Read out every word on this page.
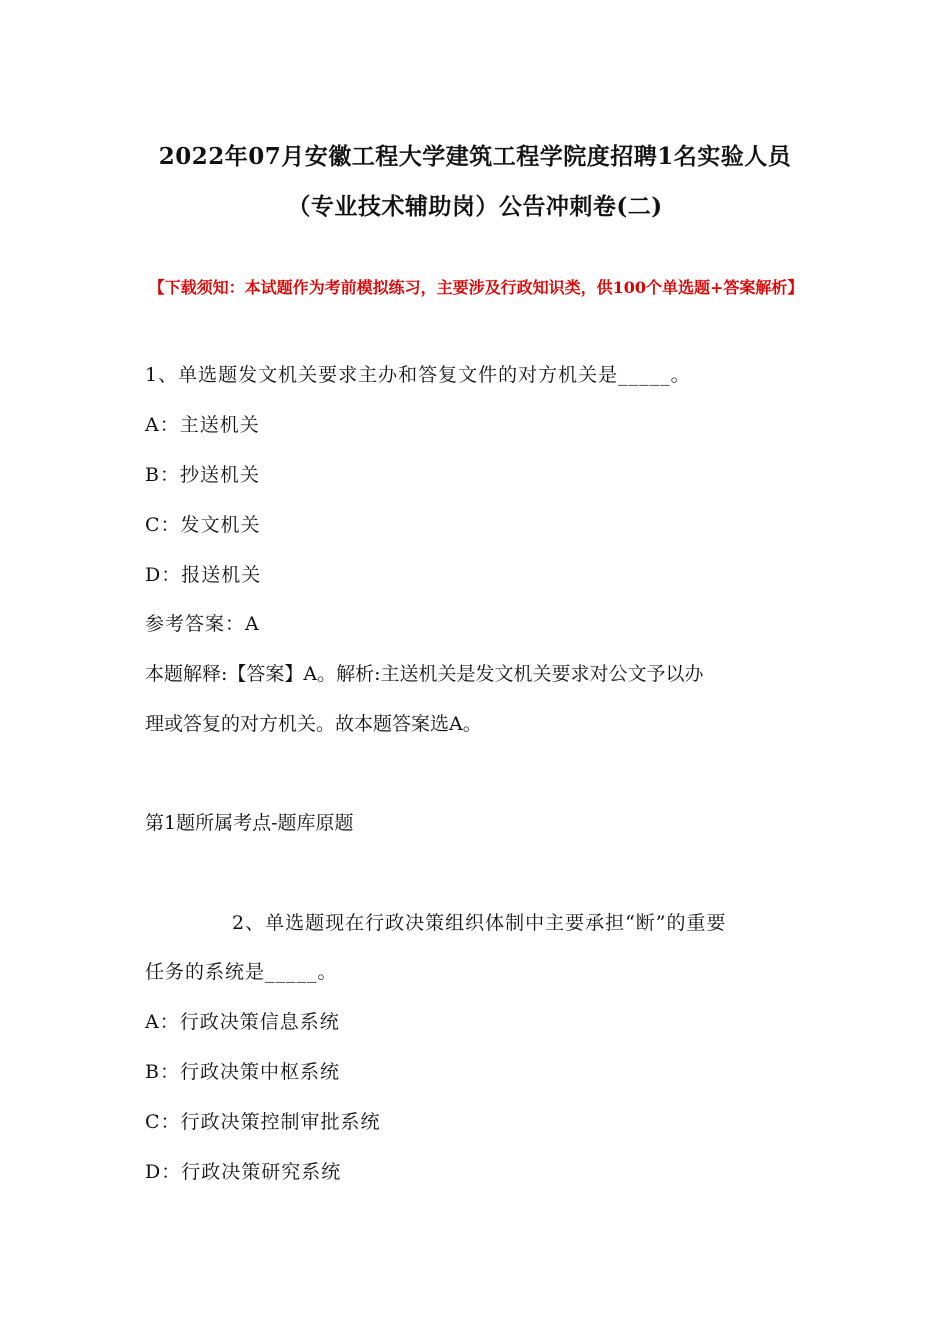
2022年07月安徽工程大学建筑工程学院度招聘1名实验人员
（专业技术辅助岗）公告冲刺卷(二)
【下载须知：本试题作为考前模拟练习，主要涉及行政知识类，供100个单选题+答案解析】
1、单选题发文机关要求主办和答复文件的对方机关是_____。
A：主送机关
B：抄送机关
C：发文机关
D：报送机关
参考答案：A
本题解释:【答案】A。解析:主送机关是发文机关要求对公文予以办
理或答复的对方机关。故本题答案选A。
第1题所属考点-题库原题
2、单选题现在行政决策组织体制中主要承担“断”的重要
任务的系统是_____。
A：行政决策信息系统
B：行政决策中枢系统
C：行政决策控制审批系统
D：行政决策研究系统
